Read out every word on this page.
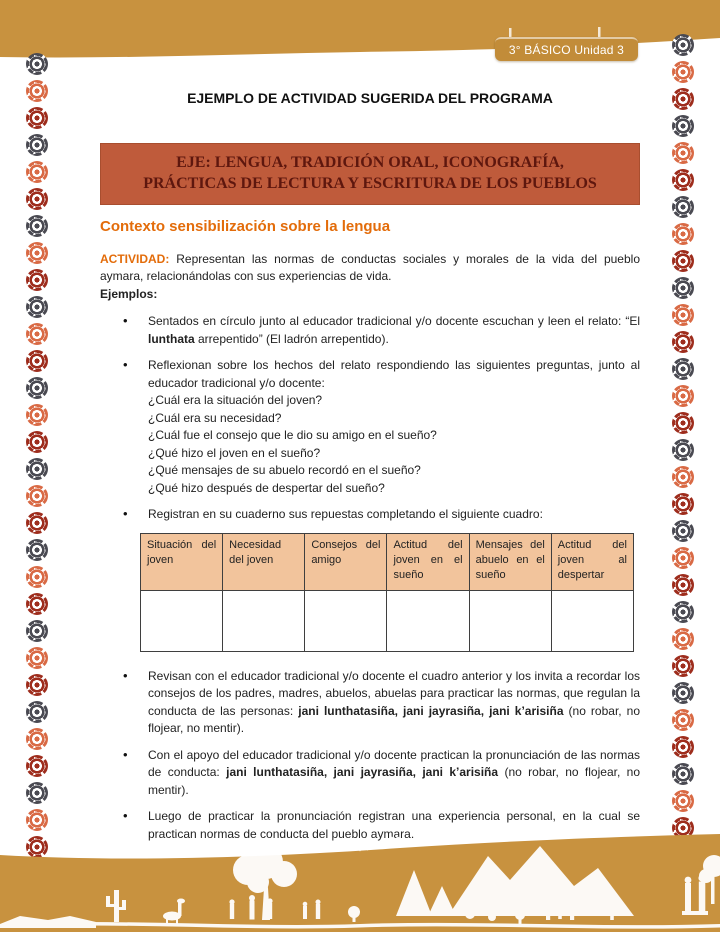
3° BÁSICO Unidad 3
EJEMPLO DE ACTIVIDAD SUGERIDA DEL PROGRAMA
EJE: LENGUA, TRADICIÓN ORAL, ICONOGRAFÍA,
PRÁCTICAS DE LECTURA Y ESCRITURA DE LOS PUEBLOS
Contexto sensibilización sobre la lengua

ACTIVIDAD: Representan las normas de conductas sociales y morales de la vida del pueblo aymara, relacionándolas con sus experiencias de vida.

Ejemplos:
• Sentados en círculo junto al educador tradicional y/o docente escuchan y leen el relato: “El lunthata arrepentido” (El ladrón arrepentido).
• Reflexionan sobre los hechos del relato respondiendo las siguientes preguntas, junto al educador tradicional y/o docente:
¿Cuál era la situación del joven?
¿Cuál era su necesidad?
¿Cuál fue el consejo que le dio su amigo en el sueño?
¿Qué hizo el joven en el sueño?
¿Qué mensajes de su abuelo recordó en el sueño?
¿Qué hizo después de despertar del sueño?
• Registran en su cuaderno sus repuestas completando el siguiente cuadro:
Situación del joven	Necesidad del joven	Consejos del amigo	Actitud del joven en el sueño	Mensajes del abuelo en el sueño	Actitud del joven al despertar

• Revisan con el educador tradicional y/o docente el cuadro anterior y los invita a recordar los consejos de los padres, madres, abuelos, abuelas para practicar las normas, que regulan la conducta de las personas: jani lunthatasiña, jani jayrasiña, jani k’arisiña (no robar, no flojear, no mentir).
• Con el apoyo del educador tradicional y/o docente practican la pronunciación de las normas de conducta: jani lunthatasiña, jani jayrasiña, jani k’arisiña (no robar, no flojear, no mentir).
• Luego de practicar la pronunciación registran una experiencia personal, en la cual se practican normas de conducta del pueblo aymara.
